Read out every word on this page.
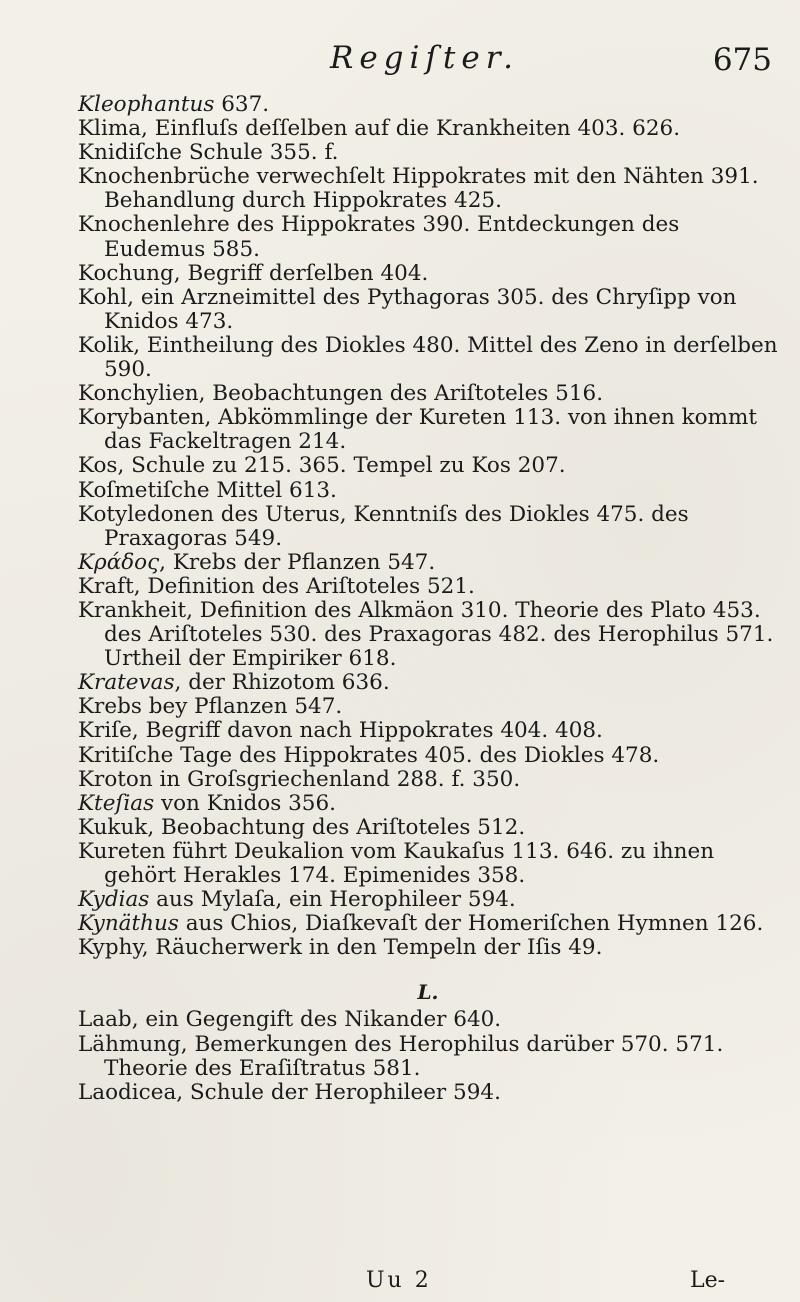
Regiſter.	675
Kleophantus 637.
Klima, Einfluſs deſſelben auf die Krankheiten 403. 626.
Knidiſche Schule 355. f.
Knochenbrüche verwechſelt Hippokrates mit den Nähten 391. Behandlung durch Hippokrates 425.
Knochenlehre des Hippokrates 390. Entdeckungen des Eudemus 585.
Kochung, Begriff derſelben 404.
Kohl, ein Arzneimittel des Pythagoras 305. des Chryſipp von Knidos 473.
Kolik, Eintheilung des Diokles 480. Mittel des Zeno in derſelben 590.
Konchylien, Beobachtungen des Ariſtoteles 516.
Korybanten, Abkömmlinge der Kureten 113. von ihnen kommt das Fackeltragen 214.
Kos, Schule zu 215. 365. Tempel zu Kos 207.
Koſmetiſche Mittel 613.
Kotyledonen des Uterus, Kenntniſs des Diokles 475. des Praxagoras 549.
Κράδος, Krebs der Pflanzen 547.
Kraft, Definition des Ariſtoteles 521.
Krankheit, Definition des Alkmäon 310. Theorie des Plato 453. des Ariſtoteles 530. des Praxagoras 482. des Herophilus 571. Urtheil der Empiriker 618.
Kratevas, der Rhizotom 636.
Krebs bey Pflanzen 547.
Kriſe, Begriff davon nach Hippokrates 404. 408.
Kritiſche Tage des Hippokrates 405. des Diokles 478.
Kroton in Groſsgriechenland 288. f. 350.
Kteſias von Knidos 356.
Kukuk, Beobachtung des Ariſtoteles 512.
Kureten führt Deukalion vom Kaukaſus 113. 646. zu ihnen gehört Herakles 174. Epimenides 358.
Kydias aus Mylaſa, ein Herophileer 594.
Kynäthus aus Chios, Diaſkevaſt der Homeriſchen Hymnen 126.
Kyphy, Räucherwerk in den Tempeln der Iſis 49.
L.
Laab, ein Gegengift des Nikander 640.
Lähmung, Bemerkungen des Herophilus darüber 570. 571. Theorie des Eraſiſtratus 581.
Laodicea, Schule der Herophileer 594.
Uu 2	Le-
